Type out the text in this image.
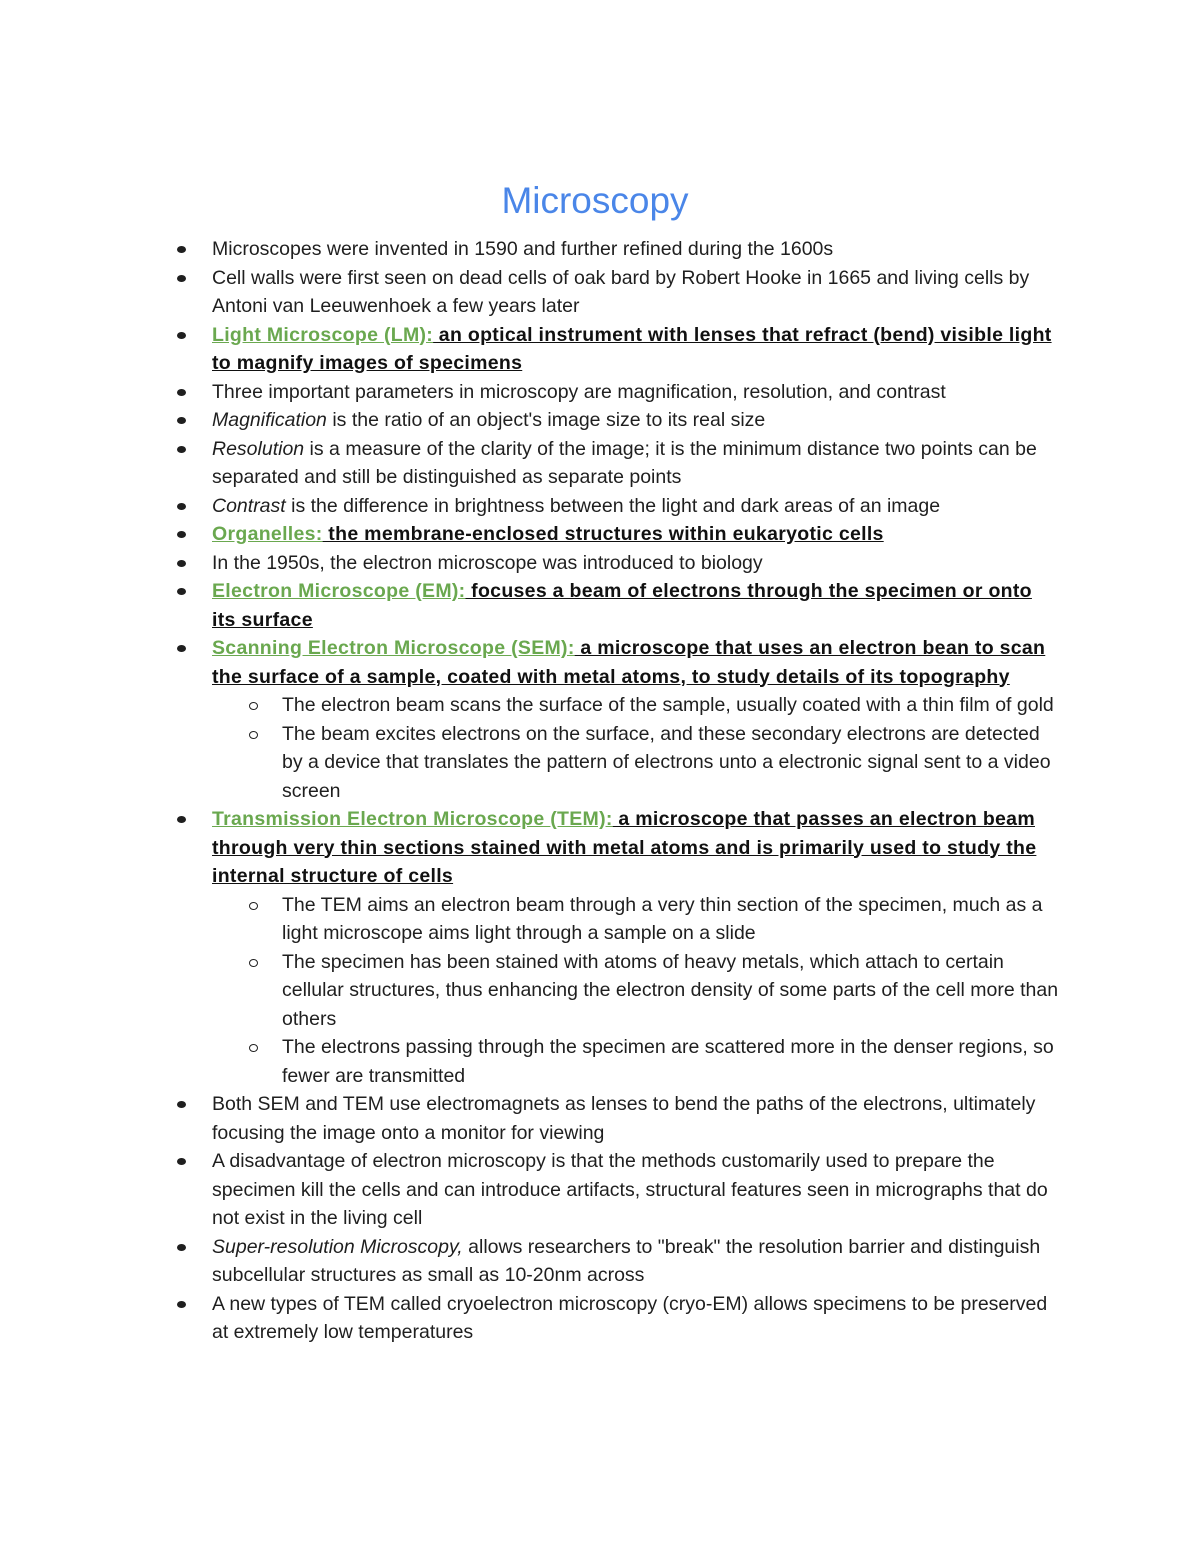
Microscopy
Microscopes were invented in 1590 and further refined during the 1600s
Cell walls were first seen on dead cells of oak bard by Robert Hooke in 1665 and living cells by Antoni van Leeuwenhoek a few years later
Light Microscope (LM): an optical instrument with lenses that refract (bend) visible light to magnify images of specimens
Three important parameters in microscopy are magnification, resolution, and contrast
Magnification is the ratio of an object's image size to its real size
Resolution is a measure of the clarity of the image; it is the minimum distance two points can be separated and still be distinguished as separate points
Contrast is the difference in brightness between the light and dark areas of an image
Organelles: the membrane-enclosed structures within eukaryotic cells
In the 1950s, the electron microscope was introduced to biology
Electron Microscope (EM): focuses a beam of electrons through the specimen or onto its surface
Scanning Electron Microscope (SEM): a microscope that uses an electron bean to scan the surface of a sample, coated with metal atoms, to study details of its topography
The electron beam scans the surface of the sample, usually coated with a thin film of gold
The beam excites electrons on the surface, and these secondary electrons are detected by a device that translates the pattern of electrons unto a electronic signal sent to a video screen
Transmission Electron Microscope (TEM): a microscope that passes an electron beam through very thin sections stained with metal atoms and is primarily used to study the internal structure of cells
The TEM aims an electron beam through a very thin section of the specimen, much as a light microscope aims light through a sample on a slide
The specimen has been stained with atoms of heavy metals, which attach to certain cellular structures, thus enhancing the electron density of some parts of the cell more than others
The electrons passing through the specimen are scattered more in the denser regions, so fewer are transmitted
Both SEM and TEM use electromagnets as lenses to bend the paths of the electrons, ultimately focusing the image onto a monitor for viewing
A disadvantage of electron microscopy is that the methods customarily used to prepare the specimen kill the cells and can introduce artifacts, structural features seen in micrographs that do not exist in the living cell
Super-resolution Microscopy, allows researchers to "break" the resolution barrier and distinguish subcellular structures as small as 10-20nm across
A new types of TEM called cryoelectron microscopy (cryo-EM) allows specimens to be preserved at extremely low temperatures
